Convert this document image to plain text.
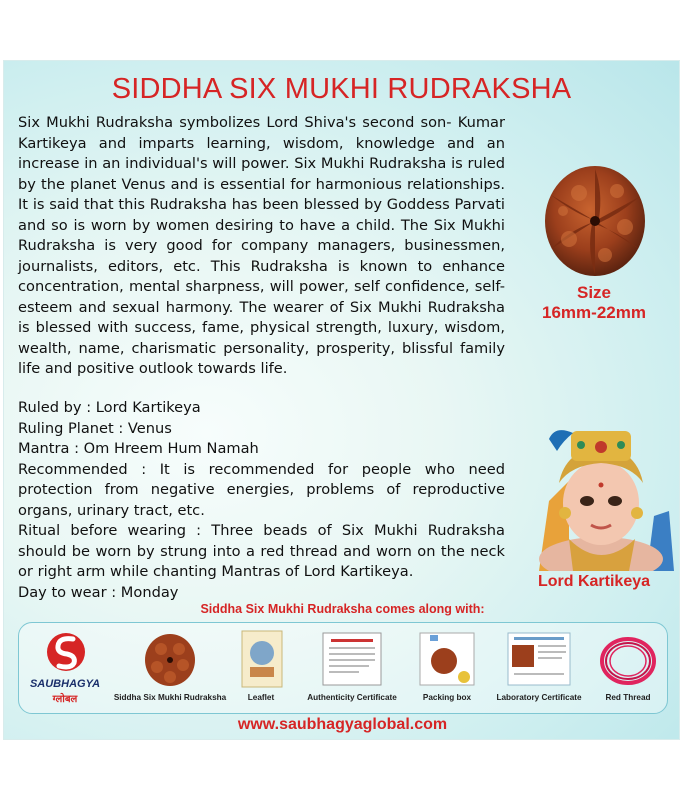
SIDDHA SIX MUKHI RUDRAKSHA

Six Mukhi Rudraksha symbolizes Lord Shiva's second son- Kumar Kartikeya and imparts learning, wisdom, knowledge and an increase in an individual's will power. Six Mukhi Rudraksha is ruled by the planet Venus and is essential for harmonious relationships. It is said that this Rudraksha has been blessed by Goddess Parvati and so is worn by women desiring to have a child. The Six Mukhi Rudraksha is very good for company managers, businessmen, journalists, editors, etc. This Rudraksha is known to enhance concentration, mental sharpness, will power, self confidence, self-esteem and sexual harmony. The wearer of Six Mukhi Rudraksha is blessed with success, fame, physical strength, luxury, wisdom, wealth, name, charismatic personality, prosperity, blissful family life and positive outlook towards life.

Ruled by : Lord Kartikeya

Ruling Planet : Venus

Mantra : Om Hreem Hum Namah

Recommended : It is recommended for people who need protection from negative energies, problems of reproductive organs, urinary tract, etc.

Ritual before wearing : Three beads of Six Mukhi Rudraksha should be worn by strung into a red thread and worn on the neck or right arm while chanting Mantras of Lord Kartikeya.

Day to wear : Monday

Size
16mm-22mm
Lord Kartikeya
Siddha Six Mukhi Rudraksha comes along with:
SAUBHAGYA
ग्लोबल	Siddha Six Mukhi Rudraksha	Leaflet	Authenticity Certificate	Packing box	Laboratory Certificate	Red Thread
www.saubhagyaglobal.com
